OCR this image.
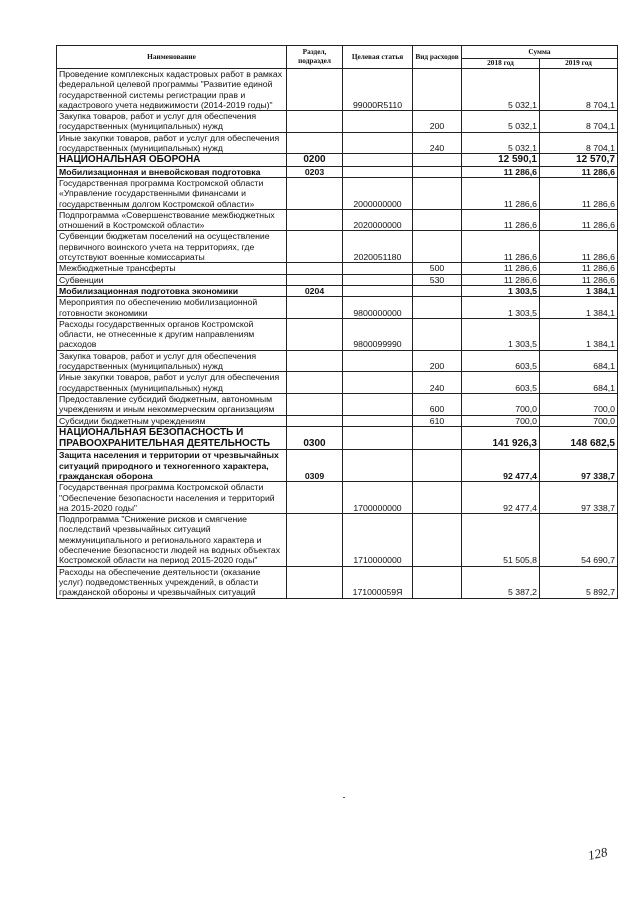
Наименование	Раздел, подраздел	Целевая статья	Вид расходов	Сумма	
				2018 год	2019 год
Проведение комплексных кадастровых работ в рамках федеральной целевой программы "Развитие единой государственной системы регистрации прав и кадастрового учета недвижимости (2014-2019 годы)"		99000R5110		5 032,1	8 704,1
Закупка товаров, работ и услуг для обеспечения государственных (муниципальных) нужд			200	5 032,1	8 704,1
Иные закупки товаров, работ и услуг для обеспечения государственных (муниципальных) нужд			240	5 032,1	8 704,1
НАЦИОНАЛЬНАЯ ОБОРОНА	0200			12 590,1	12 570,7
Мобилизационная и вневойсковая подготовка	0203			11 286,6	11 286,6
Государственная программа Костромской области «Управление государственными финансами и государственным долгом Костромской области»		2000000000		11 286,6	11 286,6
Подпрограмма «Совершенствование межбюджетных отношений в Костромской области»		2020000000		11 286,6	11 286,6
Субвенции бюджетам поселений на осуществление первичного воинского учета на территориях, где отсутствуют военные комиссариаты		2020051180		11 286,6	11 286,6
Межбюджетные трансферты			500	11 286,6	11 286,6
Субвенции			530	11 286,6	11 286,6
Мобилизационная подготовка экономики	0204			1 303,5	1 384,1
Мероприятия по обеспечению мобилизационной готовности экономики		9800000000		1 303,5	1 384,1
Расходы государственных органов Костромской области, не отнесенные к другим направлениям расходов		9800099990		1 303,5	1 384,1
Закупка товаров, работ и услуг для обеспечения государственных (муниципальных) нужд			200	603,5	684,1
Иные закупки товаров, работ и услуг для обеспечения государственных (муниципальных) нужд			240	603,5	684,1
Предоставление субсидий бюджетным, автономным учреждениям и иным некоммерческим организациям			600	700,0	700,0
Субсидии бюджетным учреждениям			610	700,0	700,0
НАЦИОНАЛЬНАЯ БЕЗОПАСНОСТЬ И ПРАВООХРАНИТЕЛЬНАЯ ДЕЯТЕЛЬНОСТЬ	0300			141 926,3	148 682,5
Защита населения и территории от чрезвычайных ситуаций природного и техногенного характера, гражданская оборона	0309			92 477,4	97 338,7
Государственная программа Костромской области "Обеспечение безопасности населения и территорий на 2015-2020 годы"		1700000000		92 477,4	97 338,7
Подпрограмма "Снижение рисков и смягчение последствий чрезвычайных ситуаций межмуниципального и регионального характера и обеспечение безопасности людей на водных объектах Костромской области на период 2015-2020 годы"		1710000000		51 505,8	54 690,7
Расходы на обеспечение деятельности (оказание услуг) подведомственных учреждений, в области гражданской обороны и чрезвычайных ситуаций		171000059Я		5 387,2	5 892,7
128
